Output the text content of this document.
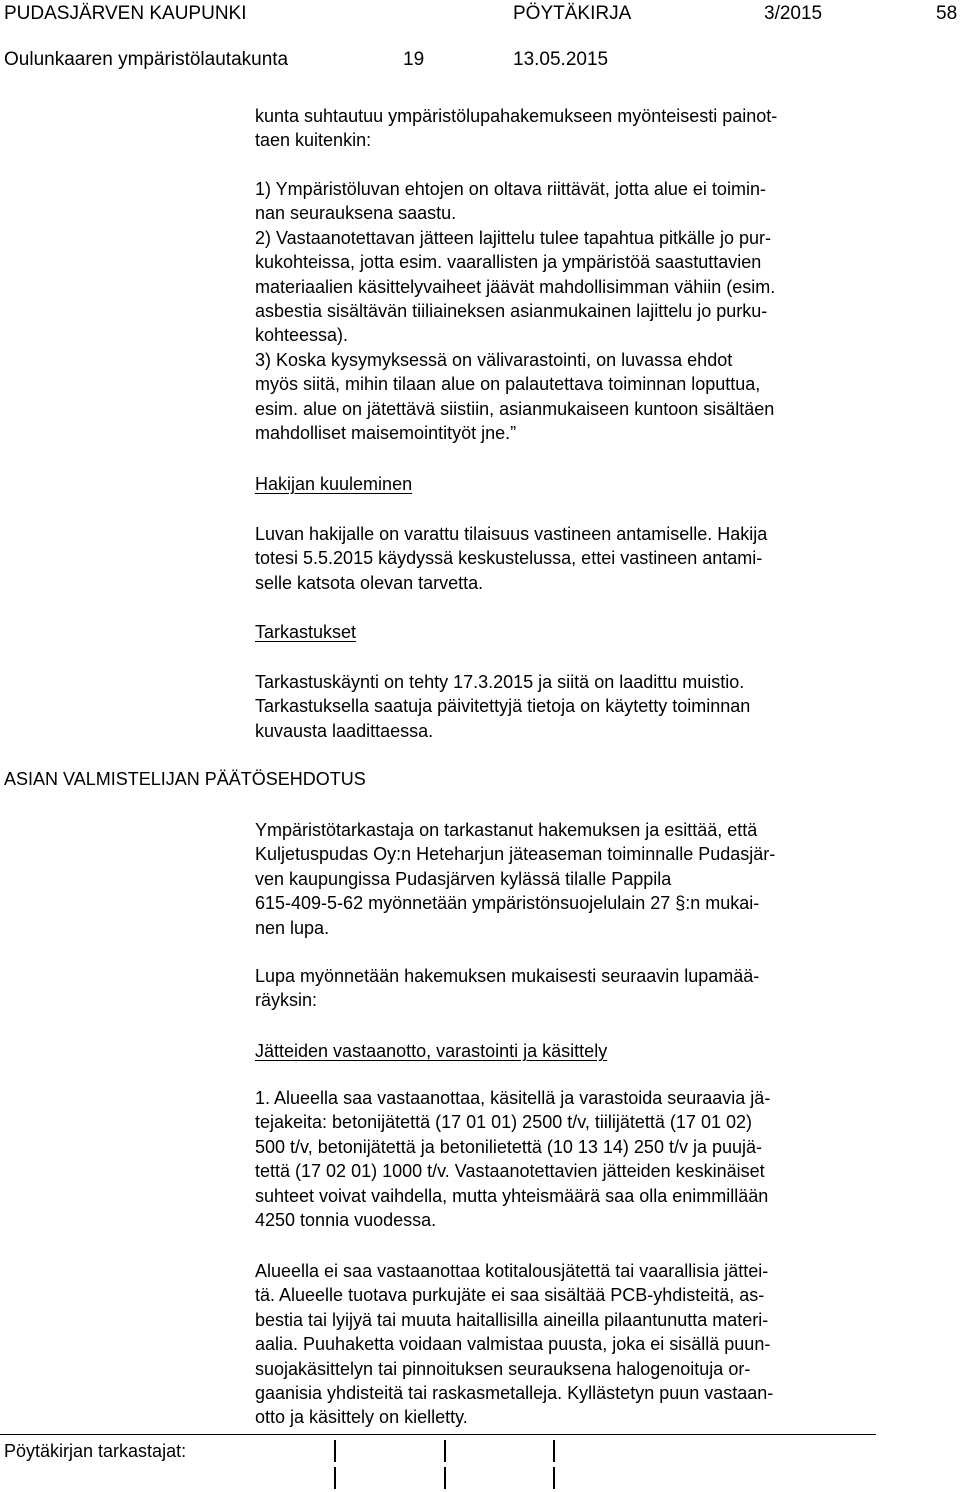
PUDASJÄRVEN KAUPUNKI	PÖYTÄKIRJA	3/2015	58
Oulunkaaren ympäristölautakunta	19	13.05.2015
kunta suhtautuu ympäristölupahakemukseen myönteisesti painot-
taen kuitenkin:
1) Ympäristöluvan ehtojen on oltava riittävät, jotta alue ei toimin-
nan seurauksena saastu.
2) Vastaanotettavan jätteen lajittelu tulee tapahtua pitkälle jo pur-
kukohteissa, jotta esim. vaarallisten ja ympäristöä saastuttavien
materiaalien käsittelyvaiheet jäävät mahdollisimman vähiin (esim.
asbestia sisältävän tiiliaineksen asianmukainen lajittelu jo purku-
kohteessa).
3) Koska kysymyksessä on välivarastointi, on luvassa ehdot
myös siitä, mihin tilaan alue on palautettava toiminnan loputtua,
esim. alue on jätettävä siistiin, asianmukaiseen kuntoon sisältäen
mahdolliset maisemointityöt jne.”
Hakijan kuuleminen
Luvan hakijalle on varattu tilaisuus vastineen antamiselle. Hakija
totesi 5.5.2015 käydyssä keskustelussa, ettei vastineen antami-
selle katsota olevan tarvetta.
Tarkastukset
Tarkastuskäynti on tehty 17.3.2015 ja siitä on laadittu muistio.
Tarkastuksella saatuja päivitettyjä tietoja on käytetty toiminnan
kuvausta laadittaessa.
ASIAN VALMISTELIJAN PÄÄTÖSEHDOTUS
Ympäristötarkastaja on tarkastanut hakemuksen ja esittää, että
Kuljetuspudas Oy:n Heteharjun jäteaseman toiminnalle Pudasjär-
ven kaupungissa Pudasjärven kylässä tilalle Pappila
615-409-5-62 myönnetään ympäristönsuojelulain 27 §:n mukai-
nen lupa.
Lupa myönnetään hakemuksen mukaisesti seuraavin lupamää-
räyksin:
Jätteiden vastaanotto, varastointi ja käsittely
1. Alueella saa vastaanottaa, käsitellä ja varastoida seuraavia jä-
tejakeita: betonijätettä (17 01 01) 2500 t/v, tiilijätettä (17 01 02)
500 t/v, betonijätettä ja betonilietettä (10 13 14) 250 t/v ja puujä-
tettä (17 02 01) 1000 t/v. Vastaanotettavien jätteiden keskinäiset
suhteet voivat vaihdella, mutta yhteismäärä saa olla enimmillään
4250 tonnia vuodessa.
Alueella ei saa vastaanottaa kotitalousjätettä tai vaarallisia jättei-
tä. Alueelle tuotava purkujäte ei saa sisältää PCB-yhdisteitä, as-
bestia tai lyijyä tai muuta haitallisilla aineilla pilaantunutta materi-
aalia. Puuhaketta voidaan valmistaa puusta, joka ei sisällä puun-
suojakäsittelyn tai pinnoituksen seurauksena halogenoituja or-
gaanisia yhdisteitä tai raskasmetalleja. Kyllästetyn puun vastaan-
otto ja käsittely on kielletty.
Pöytäkirjan tarkastajat:
